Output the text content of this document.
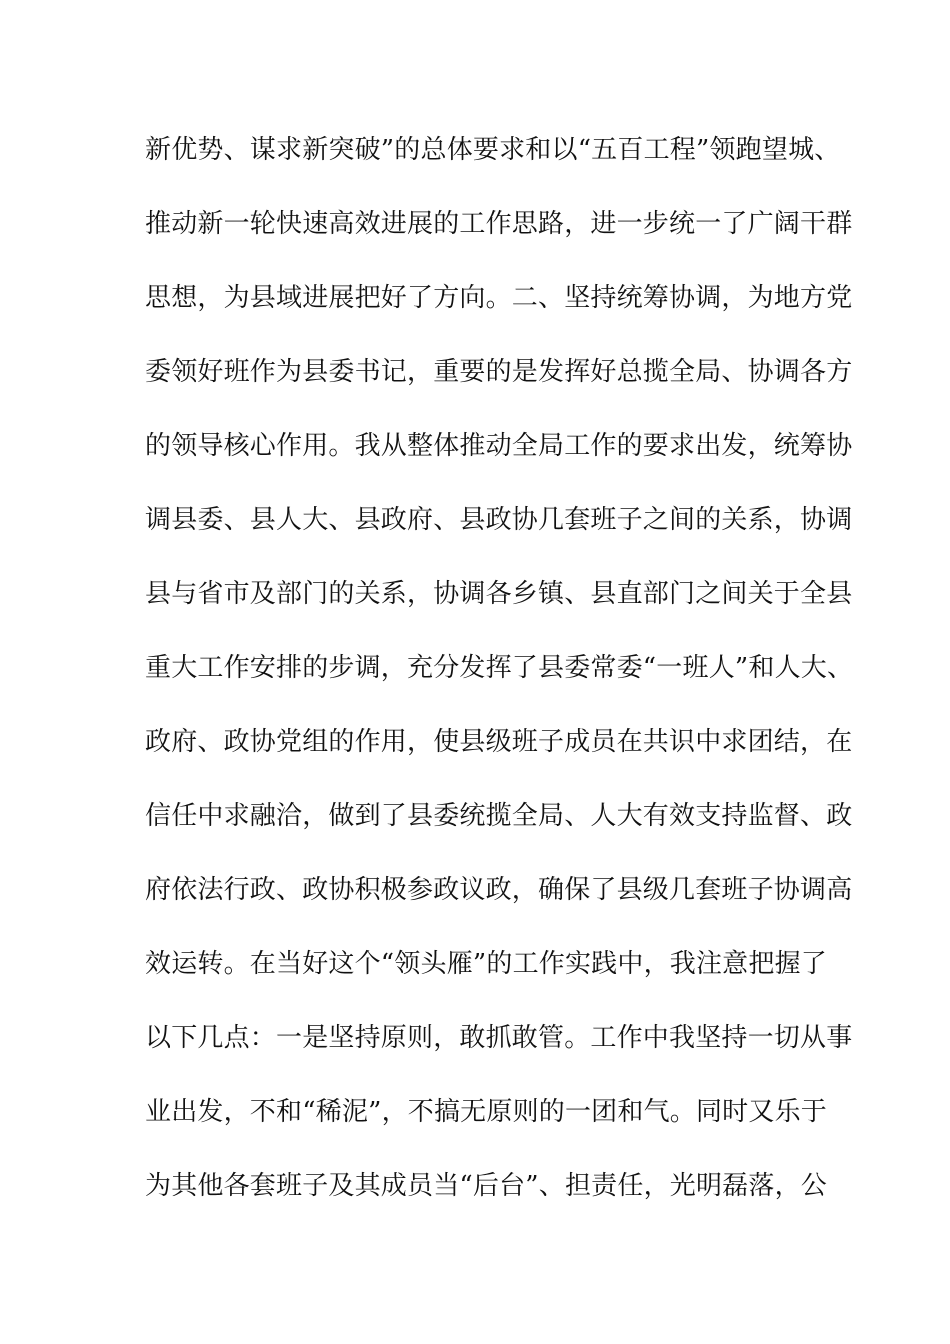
新优势、谋求新突破”的总体要求和以“五百工程”领跑望城、
推动新一轮快速高效进展的工作思路，进一步统一了广阔干群
思想，为县域进展把好了方向。二、坚持统筹协调，为地方党
委领好班作为县委书记，重要的是发挥好总揽全局、协调各方
的领导核心作用。我从整体推动全局工作的要求出发，统筹协
调县委、县人大、县政府、县政协几套班子之间的关系，协调
县与省市及部门的关系，协调各乡镇、县直部门之间关于全县
重大工作安排的步调，充分发挥了县委常委“一班人”和人大、
政府、政协党组的作用，使县级班子成员在共识中求团结，在
信任中求融洽，做到了县委统揽全局、人大有效支持监督、政
府依法行政、政协积极参政议政，确保了县级几套班子协调高
效运转。在当好这个“领头雁”的工作实践中，我注意把握了
以下几点：一是坚持原则，敢抓敢管。工作中我坚持一切从事
业出发，不和“稀泥”，不搞无原则的一团和气。同时又乐于
为其他各套班子及其成员当“后台”、担责任，光明磊落，公
